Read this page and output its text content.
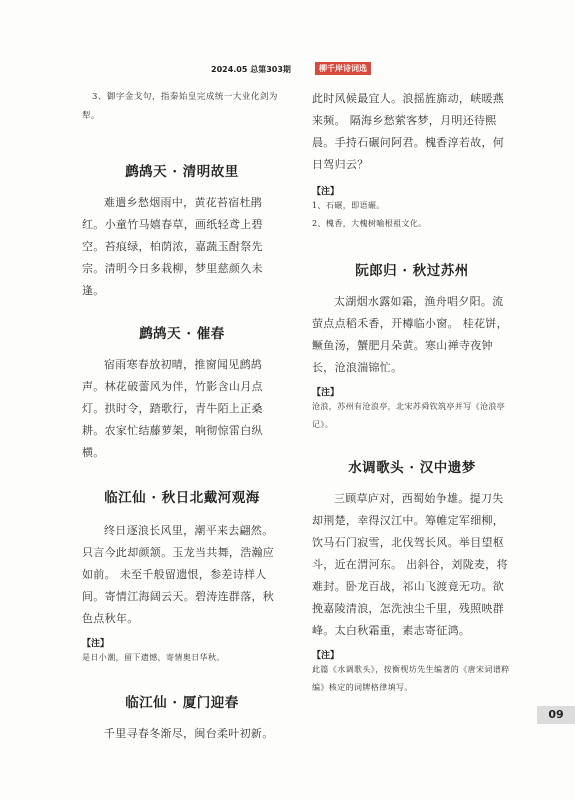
2024.05 总第303期	柳千岸诗词选

3、御字金戈句，指秦始皇完成统一大业化剑为犁。

鹧鸪天 · 清明故里

难遣乡愁烟雨中，黄花苔宿杜鹃红。小童竹马嬉春草，画纸轻鸢上碧空。苔痕绿，柏荫浓，嘉蔬玉酎祭先宗。清明今日多栽柳，梦里慈颜久未逢。

鹧鸪天 · 催春

宿雨寒春放初晴，推窗闻见鹧鸪声。林花破蕾风为伴，竹影含山月点灯。拱时令，踏歌行，青牛陌上正桑耕。农家忙结藤萝架，响彻惊雷白纵横。

临江仙 · 秋日北戴河观海

终日逐浪长风里，潮平来去翩然。只言今此却颜颔。玉龙当共舞，浩瀚应如前。 未至千般留遗恨，参差诗样人间。寄情江海阔云天。碧涛连群落，秋色点秋年。

【注】

是日小潮，留下遗憾，寄情奥日华秋。

临江仙 · 厦门迎春

千里寻春冬渐尽，闽台柔叶初新。

此时风候最宜人。浪摇旌旆动，峡暖燕来频。 隔海乡愁萦客梦，月明还待熙晨。手持石碾问阿君。槐香淳若故，何日驾归云？

【注】

1、石碾，即语碾。

2、槐香，大槐树喻根祖文化。

阮郎归 · 秋过苏州

太湖烟水露如霜，渔舟唱夕阳。流萤点点稻禾香，开樽临小窗。 桂花饼，鳜鱼汤，蟹肥月朵黄。寒山禅寺夜钟长，沧浪湍锦忙。

【注】

沧浪，苏州有沧浪亭，北宋苏舜钦筑亭并写《沧浪亭记》。

水调歌头 · 汉中遗梦

三顾草庐对，西蜀始争雄。提刀失却荆楚，幸得汉江中。筹帷定军细柳，饮马石门寂雪，北伐驾长风。举目望枢斗，近在渭河东。 出斜谷，刘陇麦，将难封。卧龙百战，祁山飞渡竟无功。欲挽嘉陵清浪，怎洗浊尘千里，残照映群峰。太白秋霜重，素志寄征鸿。

【注】

此篇《水调歌头》，按衡枧坊先生编著的《唐宋词谱粹编》核定的词牌格律填写。

09
